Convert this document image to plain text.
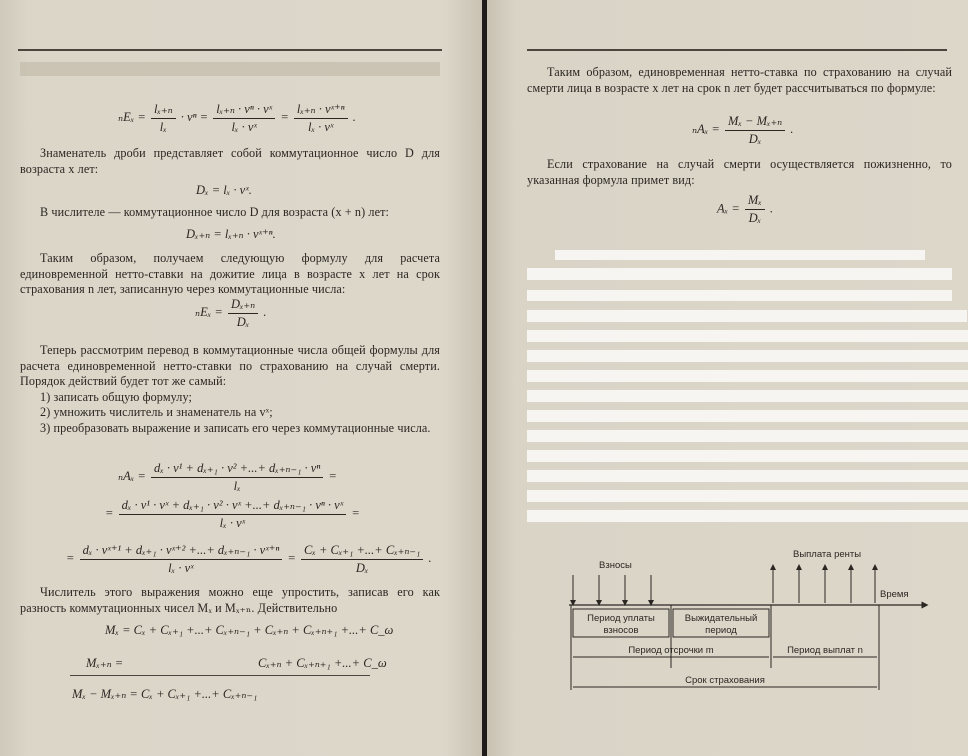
$_nE_x = \frac{\text{lₓ₊ₙ}}{\text{lₓ}} \cdot v^n = \frac{\text{lₓ₊ₙ · vⁿ · vˣ}}{\text{lₓ · vˣ}} = \frac{\text{lₓ₊ₙ · vˣ⁺ⁿ}}{\text{lₓ · vˣ}}$ .

Знаменатель дроби представляет собой коммутационное число D для возраста x лет:

Dₓ = lₓ · vˣ.

В числителе — коммутационное число D для возраста (x + n) лет:

Dₓ₊ₙ = lₓ₊ₙ · vˣ⁺ⁿ.

Таким образом, получаем следующую формулу для расчета единовременной нетто-ставки на дожитие лица в возрасте x лет на срок страхования n лет, записанную через коммутационные числа:

$_nE_x = \frac{\text{Dₓ₊ₙ}}{\text{Dₓ}}$ .

Теперь рассмотрим перевод в коммутационные числа общей формулы для расчета единовременной нетто-ставки по страхованию на случай смерти. Порядок действий будет тот же самый:

1) записать общую формулу;

2) умножить числитель и знаменатель на vˣ;

3) преобразовать выражение и записать его через коммутационные числа.

$_nA_x = \frac{\text{dₓ · v¹ + dₓ₊₁ · v² +...+ dₓ₊ₙ₋₁ · vⁿ}}{\text{lₓ}}$ =
= $\frac{\text{dₓ · v¹ · vˣ + dₓ₊₁ · v² · vˣ +...+ dₓ₊ₙ₋₁ · vⁿ · vˣ}}{\text{lₓ · vˣ}}$ =
= $\frac{\text{dₓ · vˣ⁺¹ + dₓ₊₁ · vˣ⁺² +...+ dₓ₊ₙ₋₁ · vˣ⁺ⁿ}}{\text{lₓ · vˣ}} = \frac{\text{Cₓ + Cₓ₊₁ +...+ Cₓ₊ₙ₋₁}}{\text{Dₓ}}$ .

Числитель этого выражения можно еще упростить, записав его как разность коммутационных чисел Mₓ и Mₓ₊ₙ. Действительно

Mₓ = Cₓ + Cₓ₊₁ +...+ Cₓ₊ₙ₋₁ + Cₓ₊ₙ + Cₓ₊ₙ₊₁ +...+ C_ω
Mₓ₊ₙ =	Cₓ₊ₙ + Cₓ₊ₙ₊₁ +...+ C_ω
Mₓ − Mₓ₊ₙ = Cₓ + Cₓ₊₁ +...+ Cₓ₊ₙ₋₁

Таким образом, единовременная нетто-ставка по страхованию на случай смерти лица в возрасте x лет на срок n лет будет рассчитываться по формуле:

$_nA_x = \frac{\text{Mₓ − Mₓ₊ₙ}}{\text{Dₓ}}$ .

Если страхование на случай смерти осуществляется пожизненно, то указанная формула примет вид:

$A_x = \frac{\text{Mₓ}}{\text{Dₓ}}$ .
Взносы
Выплата ренты
Время
Период уплаты
взносов
Выжидательный
период
Период отсрочки m	Период выплат n
Срок страхования
